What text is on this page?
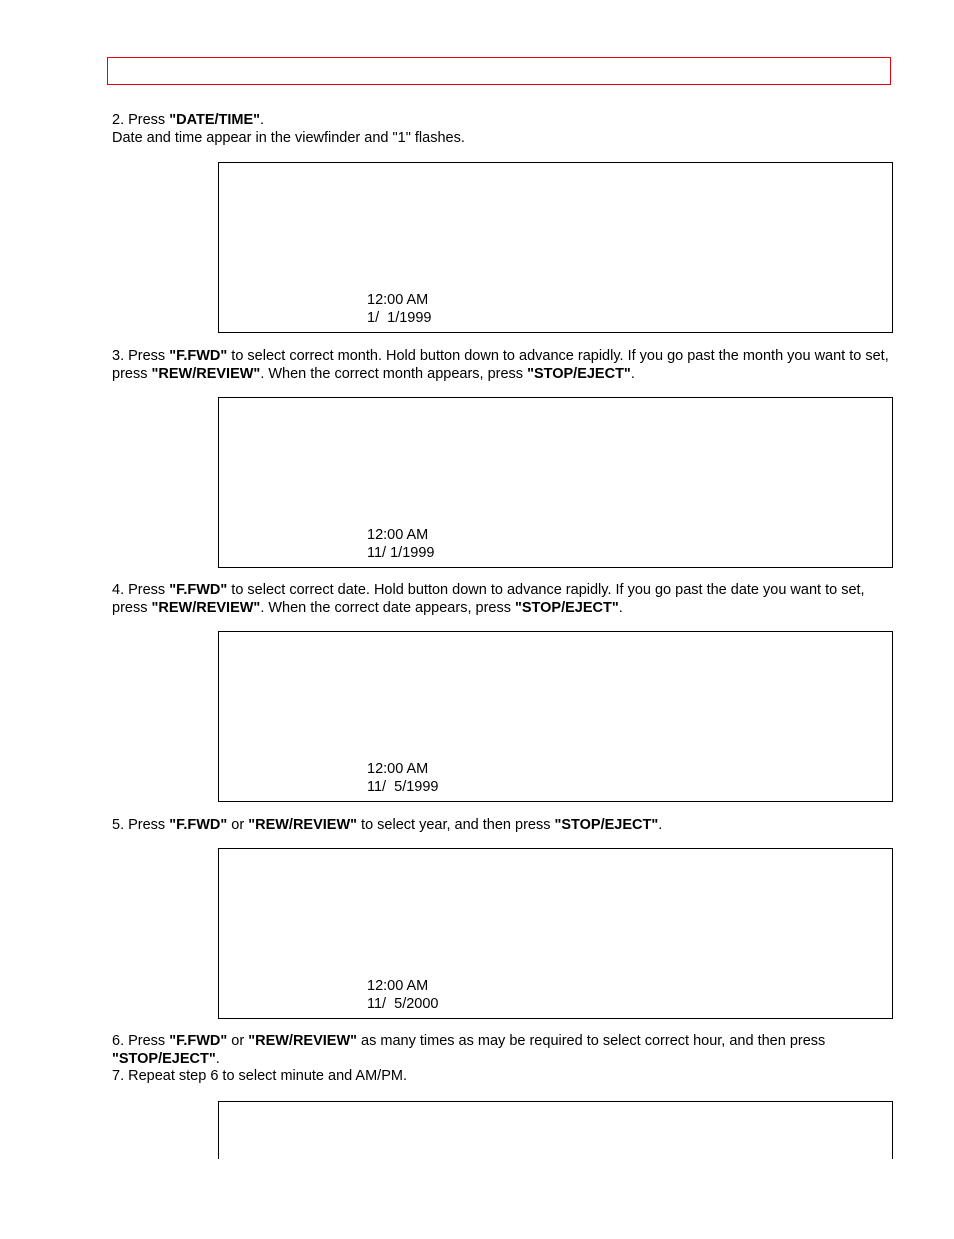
2. Press "DATE/TIME".
Date and time appear in the viewfinder and "1" flashes.
12:00 AM
1/  1/1999
3. Press "F.FWD" to select correct month. Hold button down to advance rapidly. If you go past the month you want to set, press "REW/REVIEW". When the correct month appears, press "STOP/EJECT".
12:00 AM
11/ 1/1999
4. Press "F.FWD" to select correct date. Hold button down to advance rapidly. If you go past the date you want to set, press "REW/REVIEW". When the correct date appears, press "STOP/EJECT".
12:00 AM
11/  5/1999
5. Press "F.FWD" or "REW/REVIEW" to select year, and then press "STOP/EJECT".
12:00 AM
11/  5/2000
6. Press "F.FWD" or "REW/REVIEW" as many times as may be required to select correct hour, and then press "STOP/EJECT".
7. Repeat step 6 to select minute and AM/PM.
